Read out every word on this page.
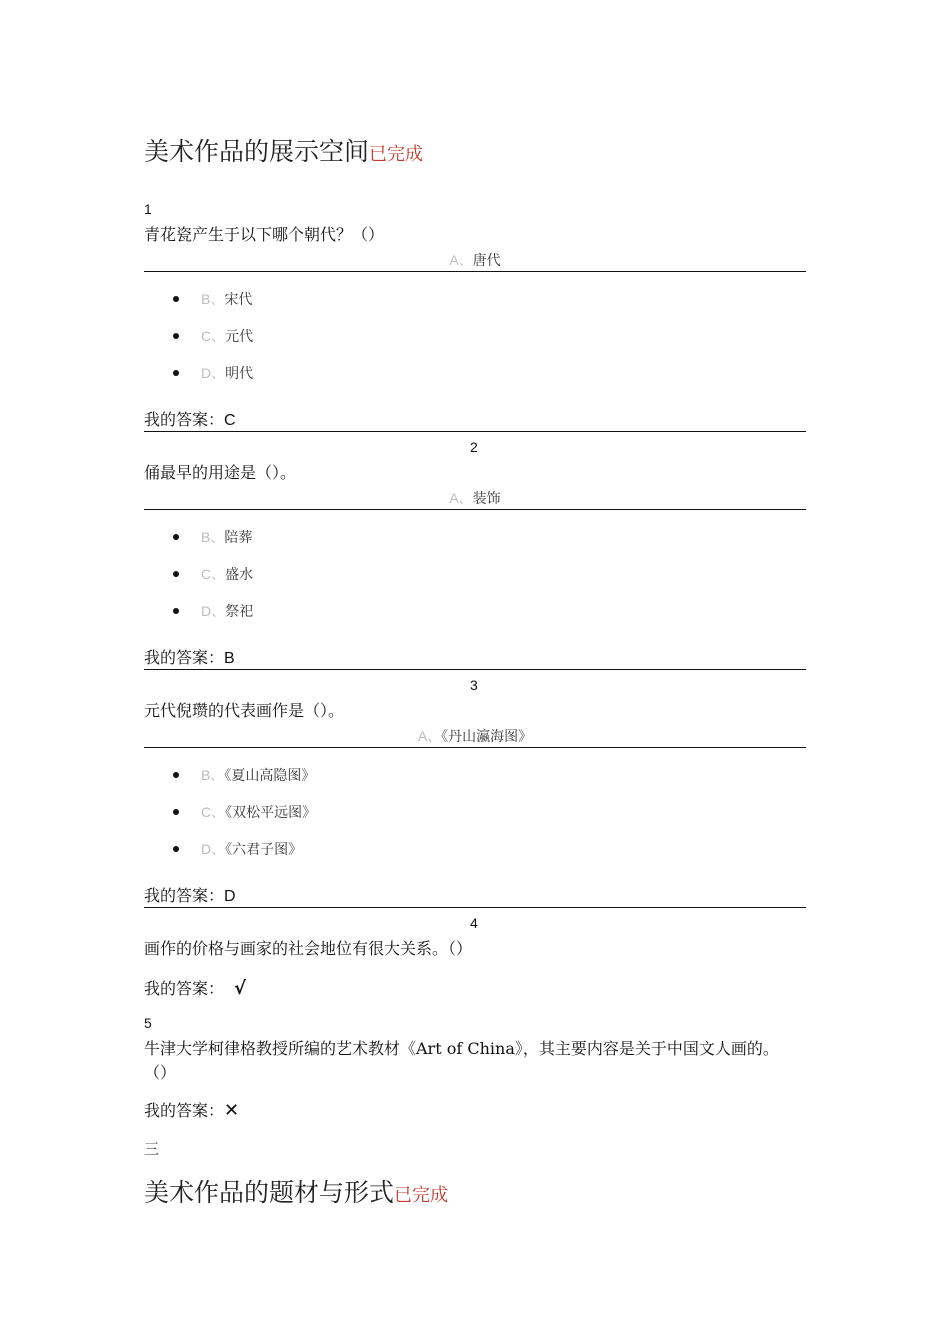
美术作品的展示空间已完成
1
青花瓷产生于以下哪个朝代？（）
A、唐代
B、宋代
C、元代
D、明代
我的答案：C
2
俑最早的用途是（）。
A、装饰
B、陪葬
C、盛水
D、祭祀
我的答案：B
3
元代倪瓒的代表画作是（）。
A、《丹山瀛海图》
B、《夏山高隐图》
C、《双松平远图》
D、《六君子图》
我的答案：D
4
画作的价格与画家的社会地位有很大关系。（）
我的答案： √
5
牛津大学柯律格教授所编的艺术教材《Art of China》，其主要内容是关于中国文人画的。
（）
我的答案：✕
三
美术作品的题材与形式已完成
